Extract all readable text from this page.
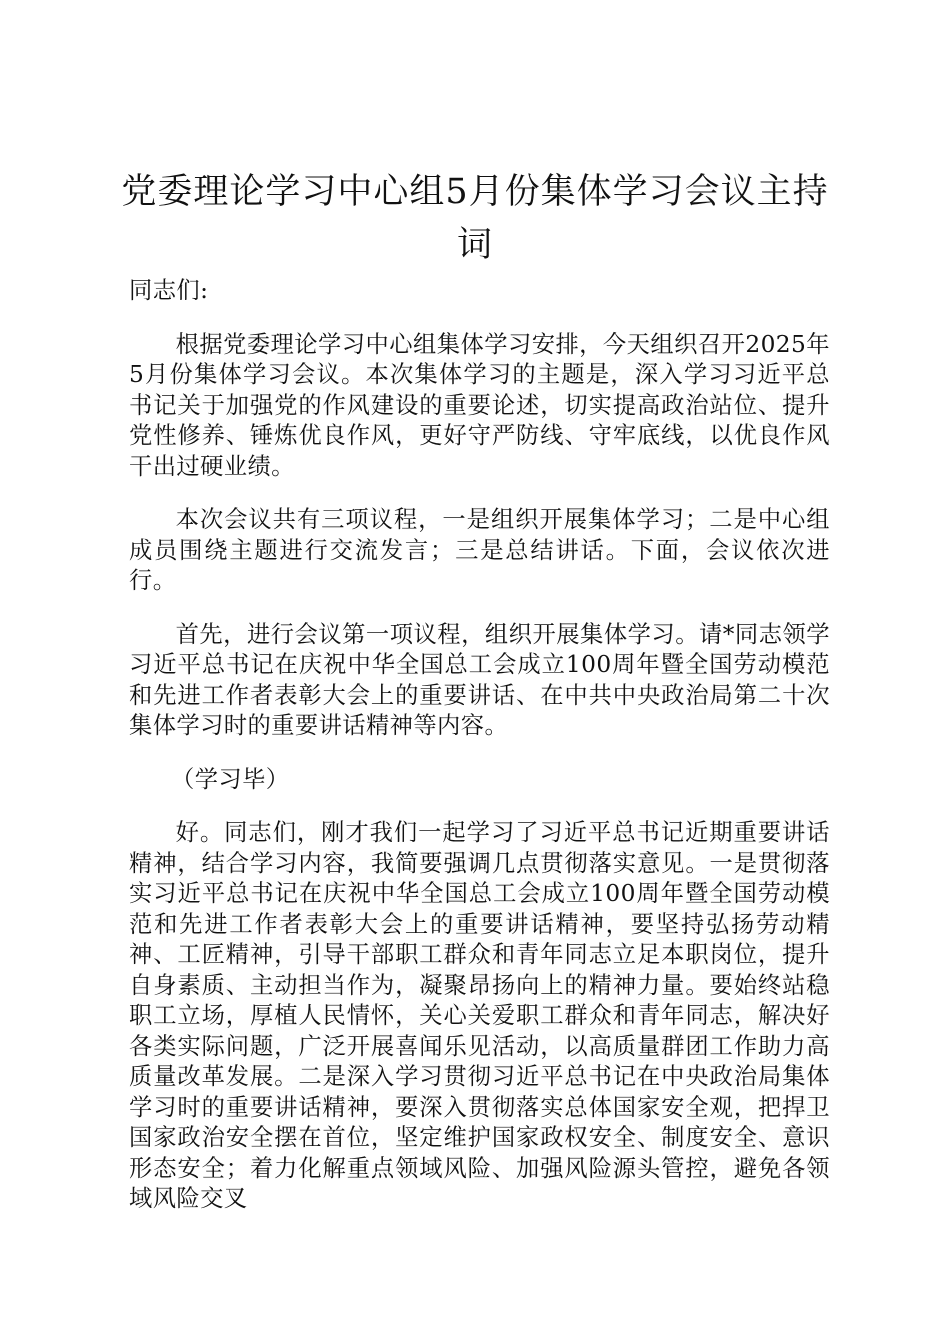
党委理论学习中心组5月份集体学习会议主持词

同志们:

根据党委理论学习中心组集体学习安排，今天组织召开2025年5月份集体学习会议。本次集体学习的主题是，深入学习习近平总书记关于加强党的作风建设的重要论述，切实提高政治站位、提升党性修养、锤炼优良作风，更好守严防线、守牢底线，以优良作风干出过硬业绩。

本次会议共有三项议程，一是组织开展集体学习；二是中心组成员围绕主题进行交流发言；三是总结讲话。下面，会议依次进行。

首先，进行会议第一项议程，组织开展集体学习。请*同志领学习近平总书记在庆祝中华全国总工会成立100周年暨全国劳动模范和先进工作者表彰大会上的重要讲话、在中共中央政治局第二十次集体学习时的重要讲话精神等内容。

（学习毕）

好。同志们，刚才我们一起学习了习近平总书记近期重要讲话精神，结合学习内容，我简要强调几点贯彻落实意见。一是贯彻落实习近平总书记在庆祝中华全国总工会成立100周年暨全国劳动模范和先进工作者表彰大会上的重要讲话精神，要坚持弘扬劳动精神、工匠精神，引导干部职工群众和青年同志立足本职岗位，提升自身素质、主动担当作为，凝聚昂扬向上的精神力量。要始终站稳职工立场，厚植人民情怀，关心关爱职工群众和青年同志，解决好各类实际问题，广泛开展喜闻乐见活动，以高质量群团工作助力高质量改革发展。二是深入学习贯彻习近平总书记在中央政治局集体学习时的重要讲话精神，要深入贯彻落实总体国家安全观，把捍卫国家政治安全摆在首位，坚定维护国家政权安全、制度安全、意识形态安全；着力化解重点领域风险、加强风险源头管控，避免各领域风险交叉
